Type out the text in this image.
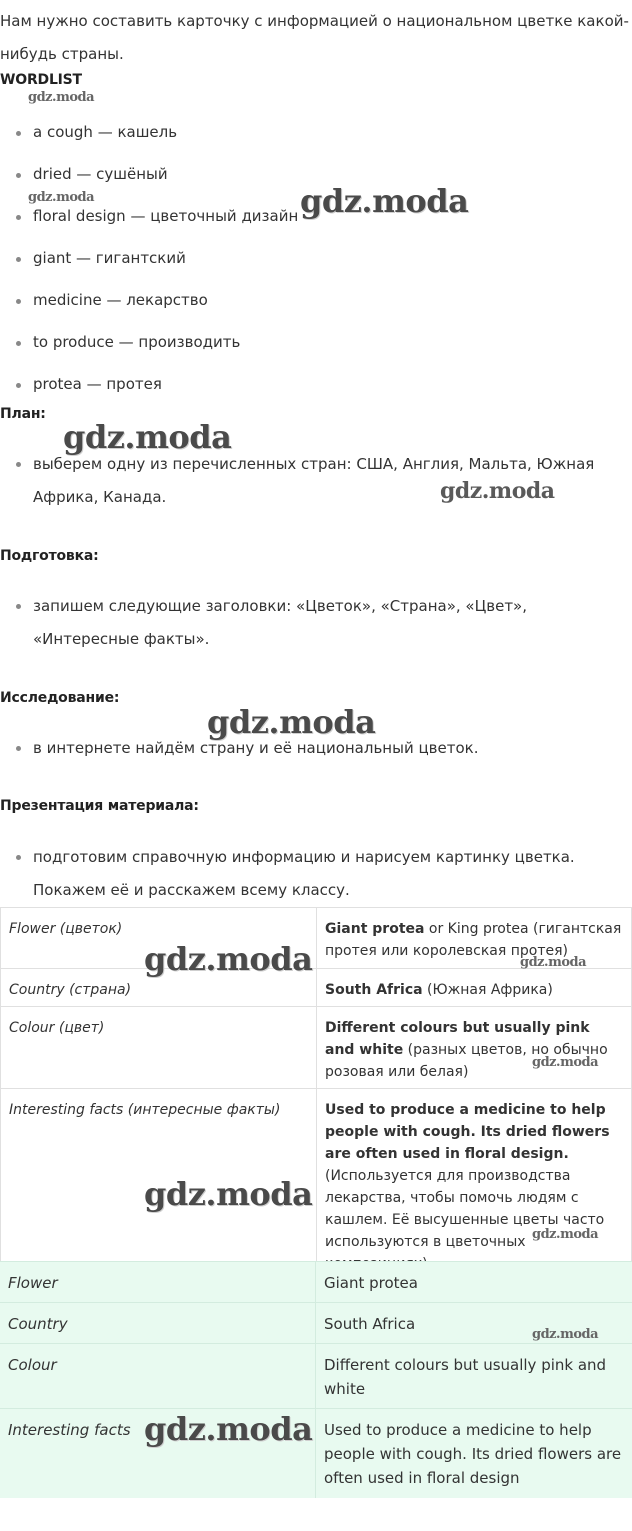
Нам нужно составить карточку с информацией о национальном цветке какой-нибудь страны.
WORDLIST
a cough — кашель
dried — сушёный
floral design — цветочный дизайн
giant — гигантский
medicine — лекарство
to produce — производить
protea — протея
План:
выберем одну из перечисленных стран: США, Англия, Мальта, Южная Африка, Канада.
Подготовка:
запишем следующие заголовки: «Цветок», «Страна», «Цвет», «Интересные факты».
Исследование:
в интернете найдём страну и её национальный цветок.
Презентация материала:
подготовим справочную информацию и нарисуем картинку цветка. Покажем её и расскажем всему классу.
Flower (цветок)	Giant protea or King protea (гигантская протея или королевская протея)
Country (страна)	South Africa (Южная Африка)
Colour (цвет)	Different colours but usually pink and white (разных цветов, но обычно розовая или белая)
Interesting facts (интересные факты)	Used to produce a medicine to help people with cough. Its dried flowers are often used in floral design. (Используется для производства лекарства, чтобы помочь людям с кашлем. Её высушенные цветы часто используются в цветочных
Flower	Giant protea
Country	South Africa
Colour	Different colours but usually pink and white
Interesting facts	Used to produce a medicine to help people with cough. Its dried flowers are often used in floral design
gdz.moda
gdz.moda	gdz.moda
gdz.moda
gdz.moda
gdz.moda
gdz.moda	gdz.moda
gdz.moda
gdz.moda
gdz.moda
gdz.moda
gdz.moda
